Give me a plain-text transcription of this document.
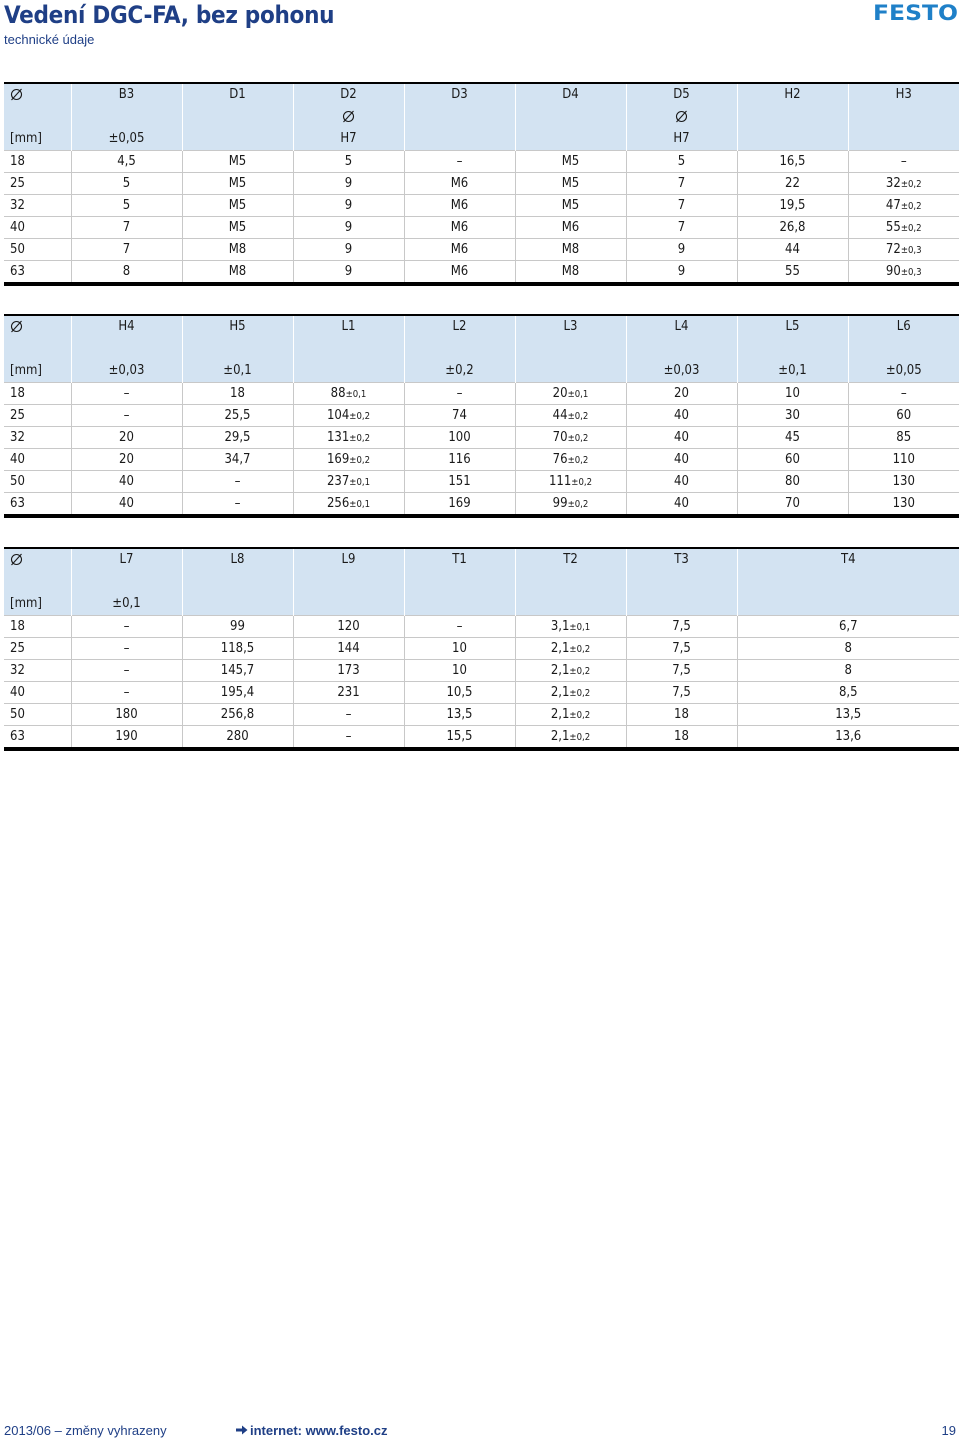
Vedení DGC-FA, bez pohonu
technické údaje
FESTO
	B3	D1	D2	D3	D4	D5	H2	H3

[mm]	±0,05		H7			H7		
18	4,5	M5	5	–	M5	5	16,5	–
25	5	M5	9	M6	M5	7	22	32±0,2
32	5	M5	9	M6	M5	7	19,5	47±0,2
40	7	M5	9	M6	M6	7	26,8	55±0,2
50	7	M8	9	M6	M8	9	44	72±0,3
63	8	M8	9	M6	M8	9	55	90±0,3
	H4	H5	L1	L2	L3	L4	L5	L6

[mm]	±0,03	±0,1		±0,2		±0,03	±0,1	±0,05
18	–	18	88±0,1	–	20±0,1	20	10	–
25	–	25,5	104±0,2	74	44±0,2	40	30	60
32	20	29,5	131±0,2	100	70±0,2	40	45	85
40	20	34,7	169±0,2	116	76±0,2	40	60	110
50	40	–	237±0,1	151	111±0,2	40	80	130
63	40	–	256±0,1	169	99±0,2	40	70	130
	L7	L8	L9	T1	T2	T3	T4

[mm]	±0,1						
18	–	99	120	–	3,1±0,1	7,5	6,7
25	–	118,5	144	10	2,1±0,2	7,5	8
32	–	145,7	173	10	2,1±0,2	7,5	8
40	–	195,4	231	10,5	2,1±0,2	7,5	8,5
50	180	256,8	–	13,5	2,1±0,2	18	13,5
63	190	280	–	15,5	2,1±0,2	18	13,6
2013/06 – změny vyhrazeny	internet: www.festo.cz	19
